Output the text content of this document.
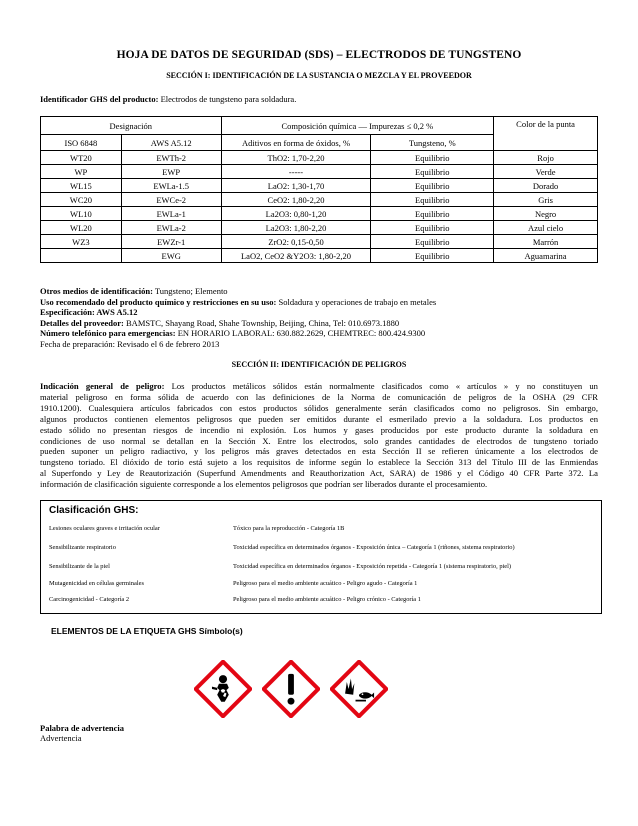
HOJA DE DATOS DE SEGURIDAD (SDS) – ELECTRODOS DE TUNGSTENO
SECCIÓN I: IDENTIFICACIÓN DE LA SUSTANCIA O MEZCLA Y EL PROVEEDOR
Identificador GHS del producto: Electrodos de tungsteno para soldadura.
Designación		Composición química — Impurezas ≤ 0,2 %		Color de la punta
ISO 6848	AWS A5.12	Aditivos en forma de óxidos, %	Tungsteno, %	
WT20	EWTh-2	ThO2: 1,70-2,20	Equilibrio	Rojo
WP	EWP	-----	Equilibrio	Verde
WL15	EWLa-1.5	LaO2: 1,30-1,70	Equilibrio	Dorado
WC20	EWCe-2	CeO2: 1,80-2,20	Equilibrio	Gris
WL10	EWLa-1	La2O3: 0,80-1,20	Equilibrio	Negro
WL20	EWLa-2	La2O3: 1,80-2,20	Equilibrio	Azul cielo
WZ3	EWZr-1	ZrO2: 0,15-0,50	Equilibrio	Marrón
	EWG	LaO2, CeO2 &Y2O3: 1,80-2,20	Equilibrio	Aguamarina
Otros medios de identificación: Tungsteno; Elemento
Uso recomendado del producto químico y restricciones en su uso: Soldadura y operaciones de trabajo en metales
Especificación: AWS A5.12
Detalles del proveedor: BAMSTC, Shayang Road, Shahe Township, Beijing, China, Tel: 010.6973.1880
Número telefónico para emergencias: EN HORARIO LABORAL: 630.882.2629, CHEMTREC: 800.424.9300
Fecha de preparación: Revisado el 6 de febrero 2013
SECCIÓN II: IDENTIFICACIÓN DE PELIGROS
Indicación general de peligro: Los productos metálicos sólidos están normalmente clasificados como « artículos » y no constituyen un
material peligroso en forma sólida de acuerdo con las definiciones de la Norma de comunicación de peligros de la OSHA (29 CFR
1910.1200). Cualesquiera artículos fabricados con estos productos sólidos generalmente serán clasificados como no peligrosos. Sin embargo,
algunos productos contienen elementos peligrosos que pueden ser emitidos durante el esmerilado previo a la soldadura. Los productos en
estado sólido no presentan riesgos de incendio ni explosión. Los humos y gases producidos por este producto durante la soldadura en
condiciones de uso normal se detallan en la Sección X. Entre los electrodos, solo grandes cantidades de electrodos de tungsteno toriado
pueden suponer un peligro radiactivo, y los peligros más graves detectados en esta Sección II se refieren únicamente a los electrodos de
tungsteno toriado. El dióxido de torio está sujeto a los requisitos de informe según lo establece la Sección 313 del Título III de las Enmiendas
al Superfondo y Ley de Reautorización (Superfund Amendments and Reauthorization Act, SARA) de 1986 y el Código 40 CFR Parte 372. La
información de clasificación siguiente corresponde a los elementos peligrosos que podrían ser liberados durante el procesamiento.
Clasificación GHS:
Lesiones oculares graves e irritación ocular	Tóxico para la reproducción - Categoría 1B
Sensibilizante respiratorio	Toxicidad específica en determinados órganos - Exposición única – Categoría 1 (riñones, sistema respiratorio)
Sensibilizante de la piel	Toxicidad específica en determinados órganos - Exposición repetida - Categoría 1 (sistema respiratorio, piel)
Mutagenicidad en células germinales	Peligroso para el medio ambiente acuático - Peligro agudo - Categoría 1
Carcinogenicidad - Categoría 2	Peligroso para el medio ambiente acuático - Peligro crónico - Categoría 1
ELEMENTOS DE LA ETIQUETA GHS Símbolo(s)
Palabra de advertencia
Advertencia
